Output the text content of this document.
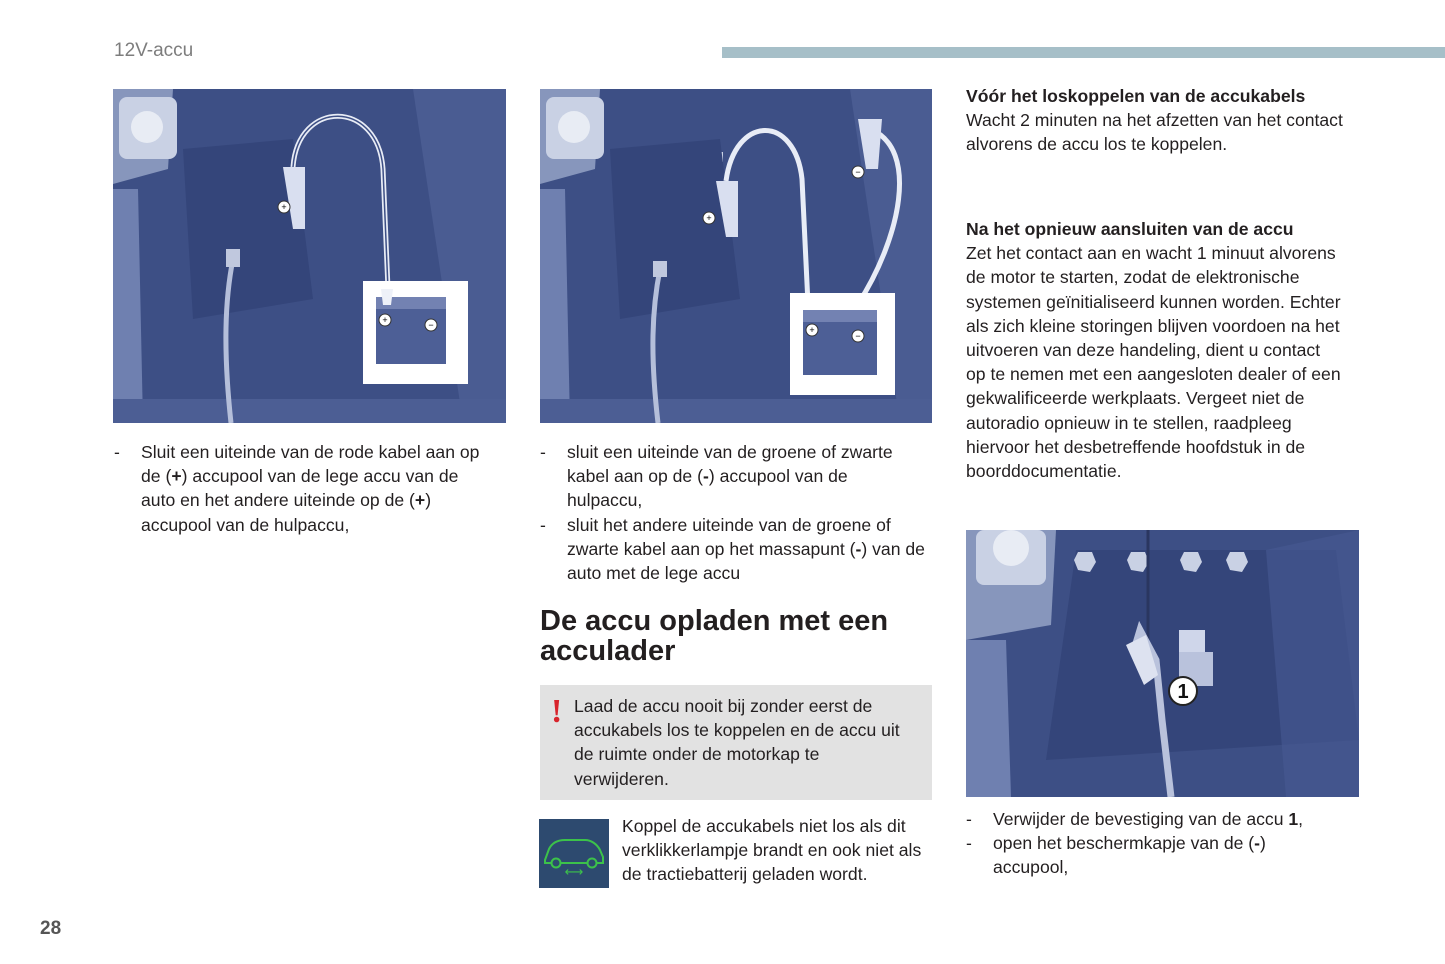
12V-accu
+
+	−
+
−
+
−
1
- Sluit een uiteinde van de rode kabel aan op de (+) accupool van de lege accu van de auto en het andere uiteinde op de (+) accupool van de hulpaccu,
- sluit een uiteinde van de groene of zwarte kabel aan op de (-) accupool van de hulpaccu,
- sluit het andere uiteinde van de groene of zwarte kabel aan op het massapunt (-) van de auto met de lege accu
De accu opladen met een
acculader
! Laad de accu nooit bij zonder eerst de accukabels los te koppelen en de accu uit de ruimte onder de motorkap te verwijderen.
⟷
Koppel de accukabels niet los als dit verklikkerlampje brandt en ook niet als de tractiebatterij geladen wordt.
Vóór het loskoppelen van de accukabels
Wacht 2 minuten na het afzetten van het contact alvorens de accu los te koppelen.
Na het opnieuw aansluiten van de accu
Zet het contact aan en wacht 1 minuut alvorens de motor te starten, zodat de elektronische systemen geïnitialiseerd kunnen worden. Echter als zich kleine storingen blijven voordoen na het uitvoeren van deze handeling, dient u contact op te nemen met een aangesloten dealer of een gekwalificeerde werkplaats. Vergeet niet de autoradio opnieuw in te stellen, raadpleeg hiervoor het desbetreffende hoofdstuk in de boorddocumentatie.
- Verwijder de bevestiging van de accu 1,
- open het beschermkapje van de (-)
accupool,
28
